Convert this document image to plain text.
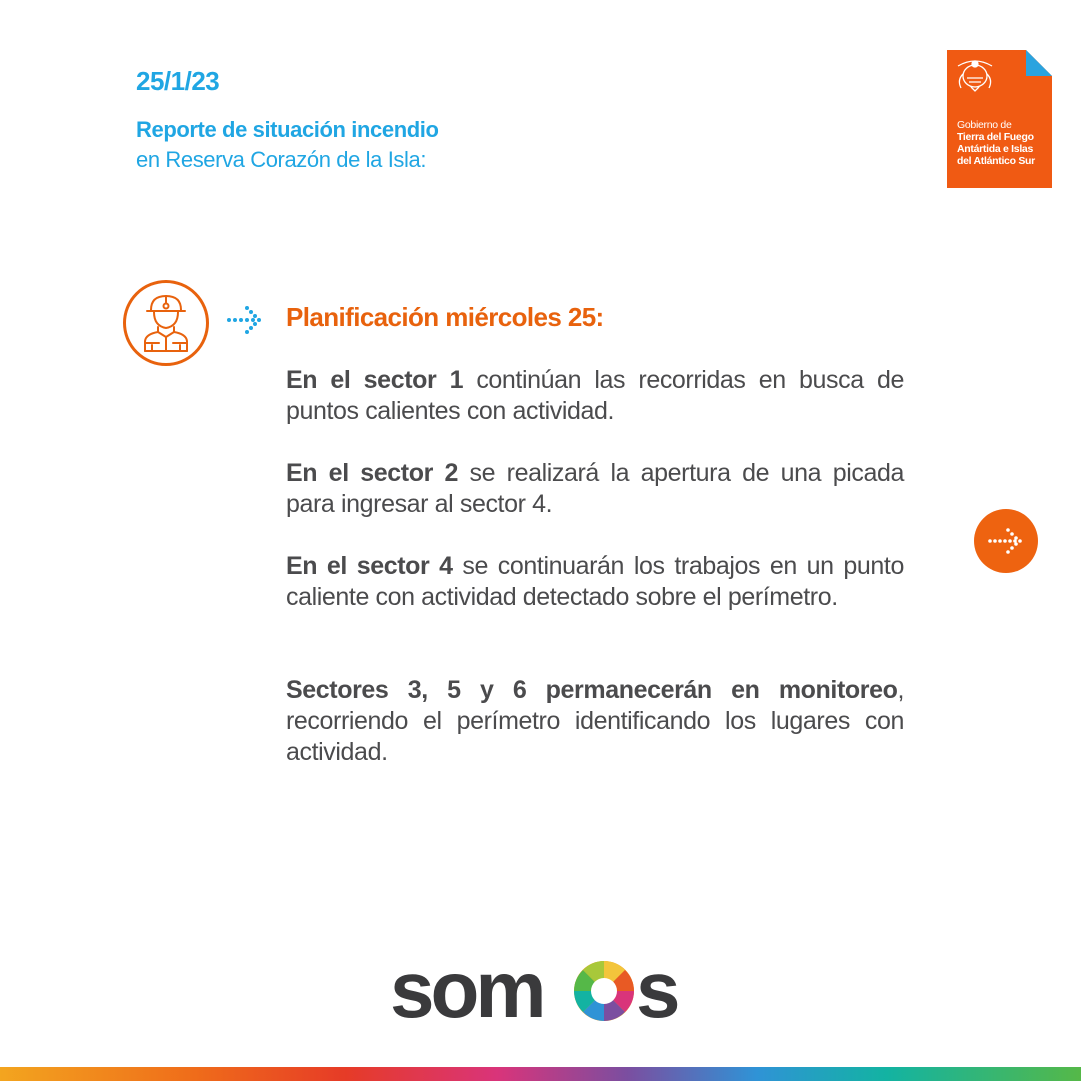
25/1/23
Reporte de situación incendio
en Reserva Corazón de la Isla:
Gobierno de
Tierra del Fuego
Antártida e Islas
del Atlántico Sur
Planificación miércoles 25:
En el sector 1 continúan las recorridas en busca de puntos calientes con actividad.
En el sector 2 se realizará la apertura de una picada para ingresar al sector 4.
En el sector 4 se continuarán los trabajos en un punto caliente con actividad detectado sobre el perímetro.
Sectores 3, 5 y 6 permanecerán en monitoreo, recorriendo el perímetro identificando los lugares con actividad.
som s
